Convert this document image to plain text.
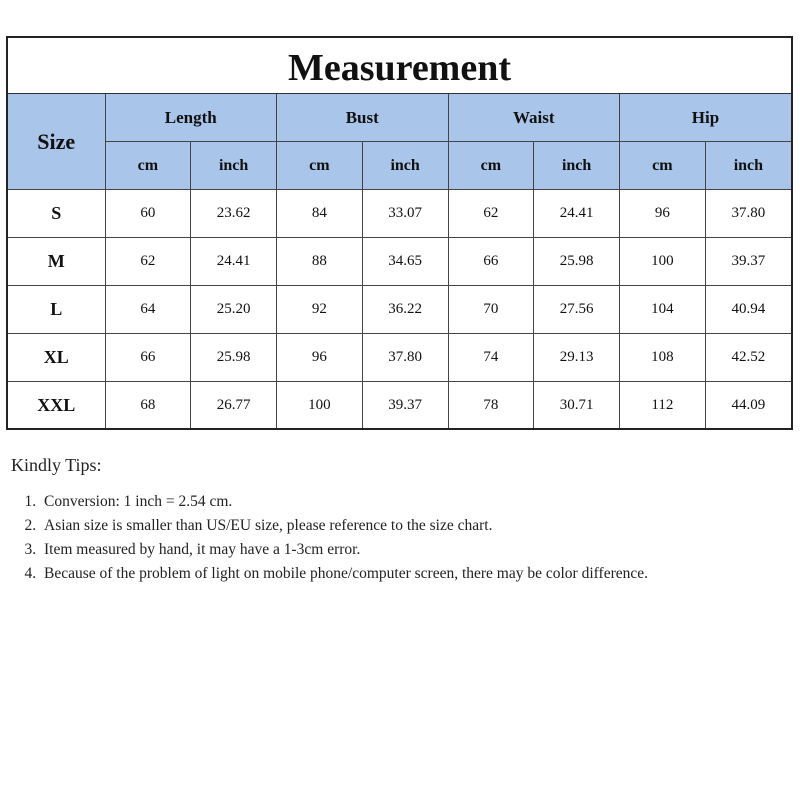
Measurement
Size	Length		Bust		Waist		Hip	
	cm	inch	cm	inch	cm	inch	cm	inch
S	60	23.62	84	33.07	62	24.41	96	37.80
M	62	24.41	88	34.65	66	25.98	100	39.37
L	64	25.20	92	36.22	70	27.56	104	40.94
XL	66	25.98	96	37.80	74	29.13	108	42.52
XXL	68	26.77	100	39.37	78	30.71	112	44.09
Kindly Tips:
1. Conversion: 1 inch = 2.54 cm.
2. Asian size is smaller than US/EU size, please reference to the size chart.
3. Item measured by hand, it may have a 1-3cm error.
4. Because of the problem of light on mobile phone/computer screen, there may be color difference.
